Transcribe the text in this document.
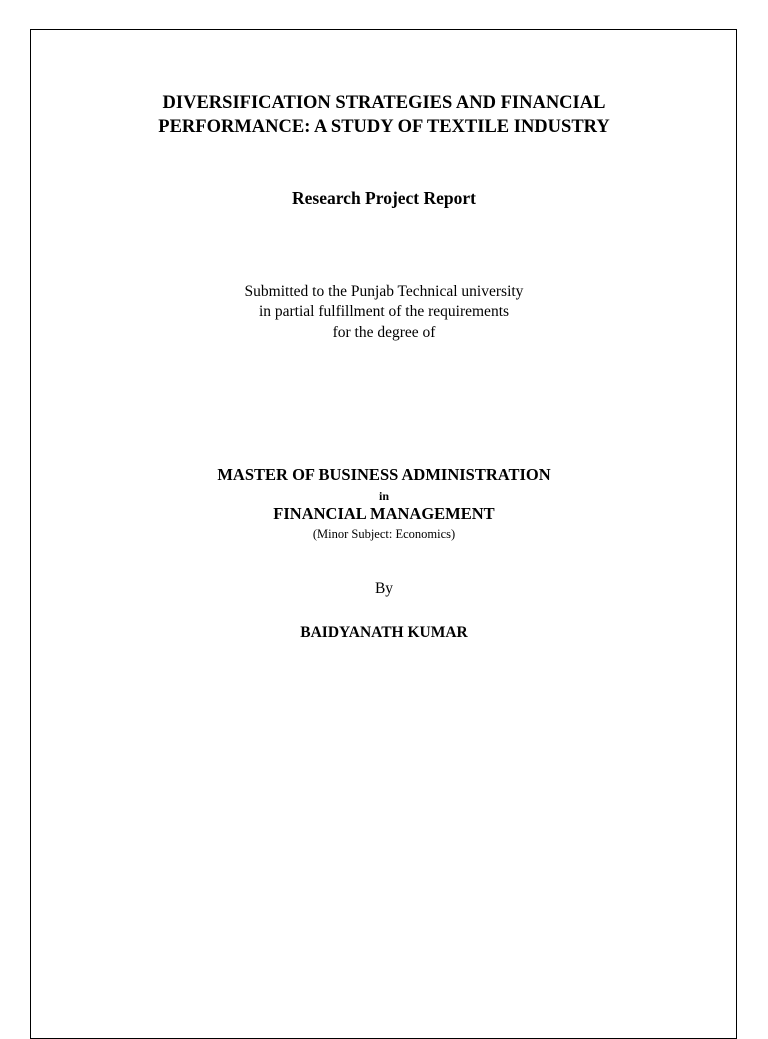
DIVERSIFICATION STRATEGIES AND FINANCIAL
PERFORMANCE: A STUDY OF TEXTILE INDUSTRY
Research Project Report
Submitted to the Punjab Technical university
in partial fulfillment of the requirements
for the degree of
MASTER OF BUSINESS ADMINISTRATION
in
FINANCIAL MANAGEMENT
(Minor Subject: Economics)
By
BAIDYANATH KUMAR
